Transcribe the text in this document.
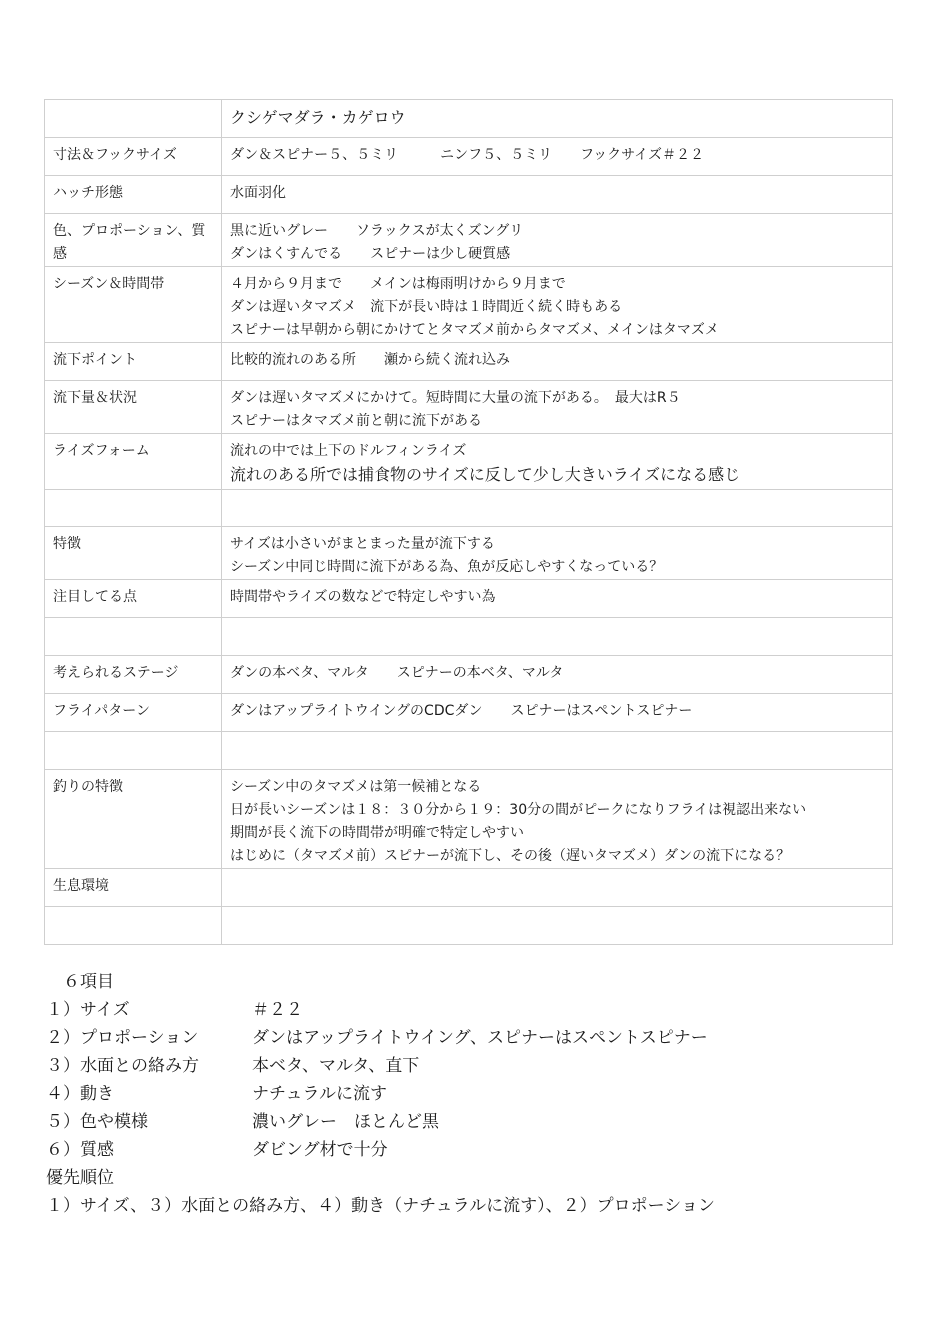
	クシゲマダラ・カゲロウ

寸法＆フックサイズ	ダン＆スピナー５、５ミリ　　　ニンフ５、５ミリ　　フックサイズ＃２２

ハッチ形態	水面羽化

色、プロポーション、質感	黒に近いグレー　　ソラックスが太くズングリ
ダンはくすんでる　　スピナーは少し硬質感

シーズン＆時間帯	４月から９月まで　　メインは梅雨明けから９月まで
ダンは遅いタマズメ　流下が長い時は１時間近く続く時もある
スピナーは早朝から朝にかけてとタマズメ前からタマズメ、メインはタマズメ

流下ポイント	比較的流れのある所　　瀬から続く流れ込み

流下量＆状況	ダンは遅いタマズメにかけて。短時間に大量の流下がある。　最大はR５
スピナーはタマズメ前と朝に流下がある

ライズフォーム	流れの中では上下のドルフィンライズ
流れのある所では捕食物のサイズに反して少し大きいライズになる感じ

特徴	サイズは小さいがまとまった量が流下する
シーズン中同じ時間に流下がある為、魚が反応しやすくなっている？

注目してる点	時間帯やライズの数などで特定しやすい為

考えられるステージ	ダンの本ベタ、マルタ　　スピナーの本ベタ、マルタ

フライパターン	ダンはアップライトウイングのCDCダン　　スピナーはスペントスピナー

釣りの特徴	シーズン中のタマズメは第一候補となる
日が長いシーズンは１８：３０分から１９：30分の間がピークになりフライは視認出来ない
期間が長く流下の時間帯が明確で特定しやすい
はじめに（タマズメ前）スピナーが流下し、その後（遅いタマズメ）ダンの流下になる？

生息環境	

　６項目
１）サイズ	＃２２
２）プロポーション	ダンはアップライトウイング、スピナーはスペントスピナー
３）水面との絡み方	本ベタ、マルタ、直下
４）動き	ナチュラルに流す
５）色や模様	濃いグレー　ほとんど黒
６）質感	ダビング材で十分
優先順位
１）サイズ、３）水面との絡み方、４）動き（ナチュラルに流す）、２）プロポーション
